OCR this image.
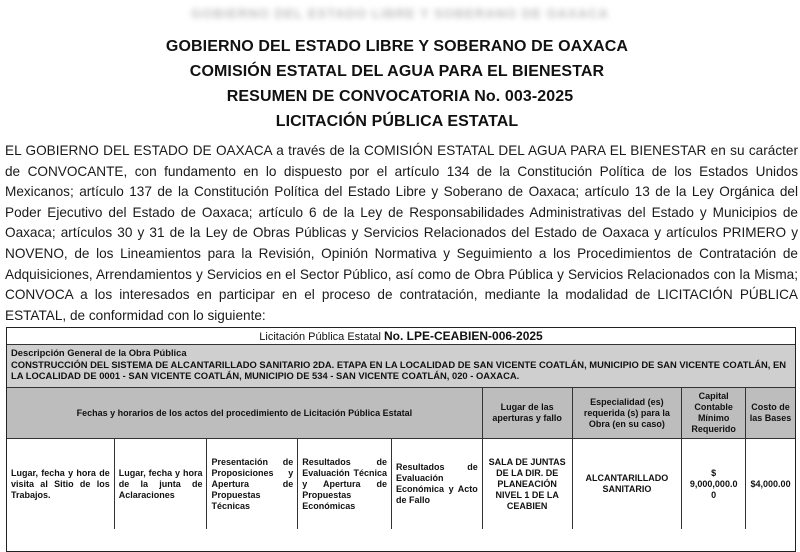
GOBIERNO DEL ESTADO LIBRE Y SOBERANO DE OAXACA
GOBIERNO DEL ESTADO LIBRE Y SOBERANO DE OAXACA
COMISIÓN ESTATAL DEL AGUA PARA EL BIENESTAR
RESUMEN DE CONVOCATORIA No. 003-2025
LICITACIÓN PÚBLICA ESTATAL
EL GOBIERNO DEL ESTADO DE OAXACA a través de la COMISIÓN ESTATAL DEL AGUA PARA EL BIENESTAR en su carácter de CONVOCANTE, con fundamento en lo dispuesto por el artículo 134 de la Constitución Política de los Estados Unidos Mexicanos; artículo 137 de la Constitución Política del Estado Libre y Soberano de Oaxaca; artículo 13 de la Ley Orgánica del Poder Ejecutivo del Estado de Oaxaca; artículo 6 de la Ley de Responsabilidades Administrativas del Estado y Municipios de Oaxaca; artículos 30 y 31 de la Ley de Obras Públicas y Servicios Relacionados del Estado de Oaxaca y artículos PRIMERO y NOVENO, de los Lineamientos para la Revisión, Opinión Normativa y Seguimiento a los Procedimientos de Contratación de Adquisiciones, Arrendamientos y Servicios en el Sector Público, así como de Obra Pública y Servicios Relacionados con la Misma; CONVOCA a los interesados en participar en el proceso de contratación, mediante la modalidad de LICITACIÓN PÚBLICA ESTATAL, de conformidad con lo siguiente:
Licitación Pública Estatal No. LPE-CEABIEN-006-2025
Descripción General de la Obra Pública
CONSTRUCCIÓN DEL SISTEMA DE ALCANTARILLADO SANITARIO 2DA. ETAPA EN LA LOCALIDAD DE SAN VICENTE COATLÁN, MUNICIPIO DE SAN VICENTE COATLÁN, EN LA LOCALIDAD DE 0001 - SAN VICENTE COATLÁN, MUNICIPIO DE 534 - SAN VICENTE COATLÁN, 020 - OAXACA.
Fechas y horarios de los actos del procedimiento de Licitación Pública Estatal
Lugar de las aperturas y fallo
Especialidad (es) requerida (s) para la Obra (en su caso)
Capital Contable Mínimo Requerido
Costo de las Bases
Lugar, fecha y hora de visita al Sitio de los Trabajos.
Lugar, fecha y hora de la junta de Aclaraciones
Presentación de Proposiciones y Apertura de Propuestas Técnicas
Resultados de Evaluación Técnica y Apertura de Propuestas Económicas
Resultados de Evaluación Económica y Acto de Fallo
SALA DE JUNTAS DE LA DIR. DE PLANEACIÓN NIVEL 1 DE LA CEABIEN
ALCANTARILLADO SANITARIO
$ 9,000,000.0 0
$4,000.00
